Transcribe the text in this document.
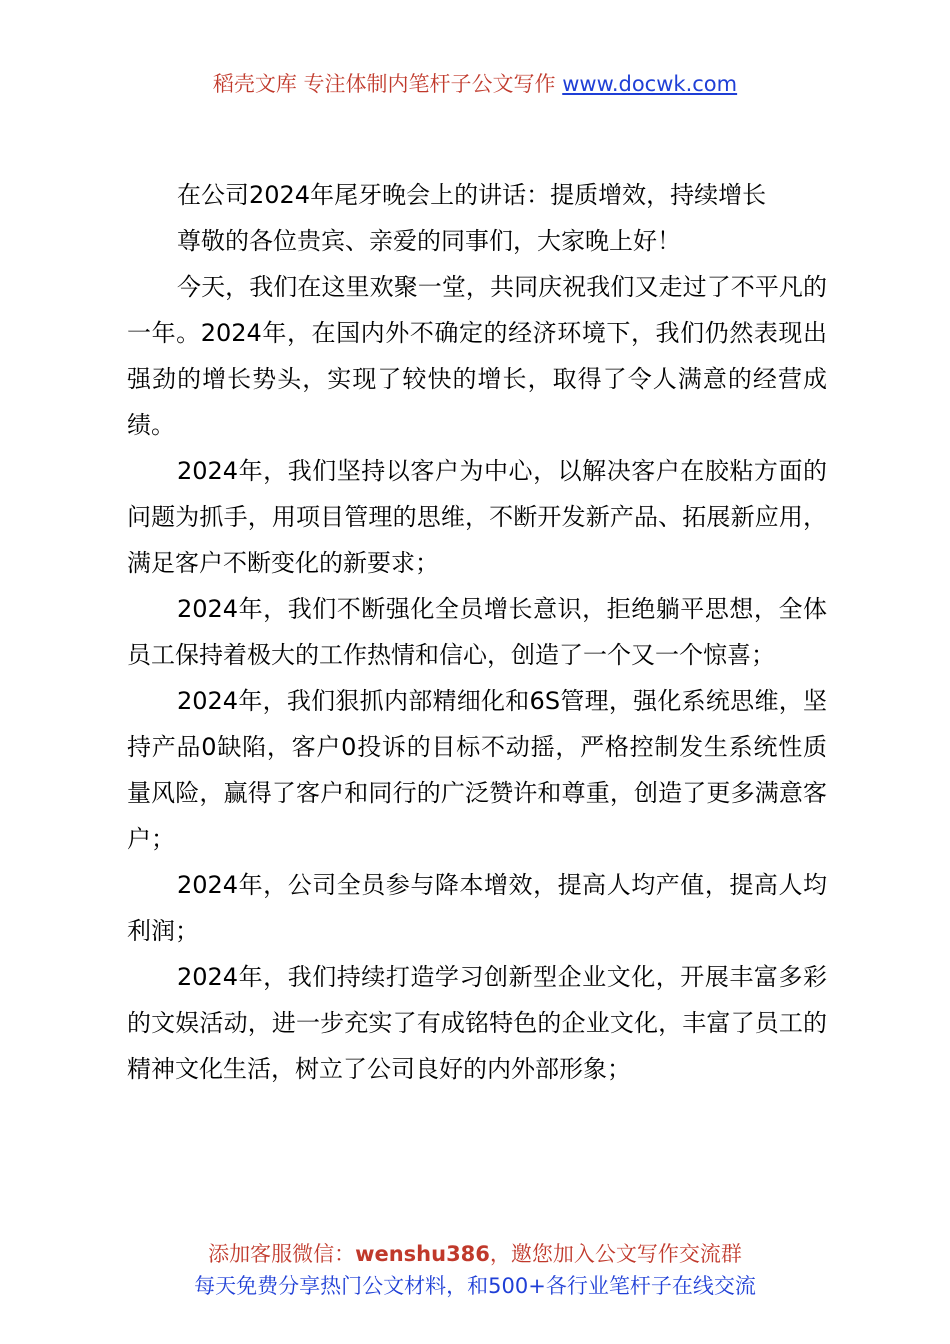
稻壳文库 专注体制内笔杆子公文写作 www.docwk.com

在公司2024年尾牙晚会上的讲话：提质增效，持续增长

尊敬的各位贵宾、亲爱的同事们，大家晚上好！

今天，我们在这里欢聚一堂，共同庆祝我们又走过了不平凡的一年。2024年，在国内外不确定的经济环境下，我们仍然表现出强劲的增长势头，实现了较快的增长，取得了令人满意的经营成绩。

2024年，我们坚持以客户为中心，以解决客户在胶粘方面的问题为抓手，用项目管理的思维，不断开发新产品、拓展新应用，满足客户不断变化的新要求；

2024年，我们不断强化全员增长意识，拒绝躺平思想，全体员工保持着极大的工作热情和信心，创造了一个又一个惊喜；

2024年，我们狠抓内部精细化和6S管理，强化系统思维，坚持产品0缺陷，客户0投诉的目标不动摇，严格控制发生系统性质量风险，赢得了客户和同行的广泛赞许和尊重，创造了更多满意客户；

2024年，公司全员参与降本增效，提高人均产值，提高人均利润；

2024年，我们持续打造学习创新型企业文化，开展丰富多彩的文娱活动，进一步充实了有成铭特色的企业文化，丰富了员工的精神文化生活，树立了公司良好的内外部形象；

添加客服微信：wenshu386，邀您加入公文写作交流群
每天免费分享热门公文材料，和500+各行业笔杆子在线交流
